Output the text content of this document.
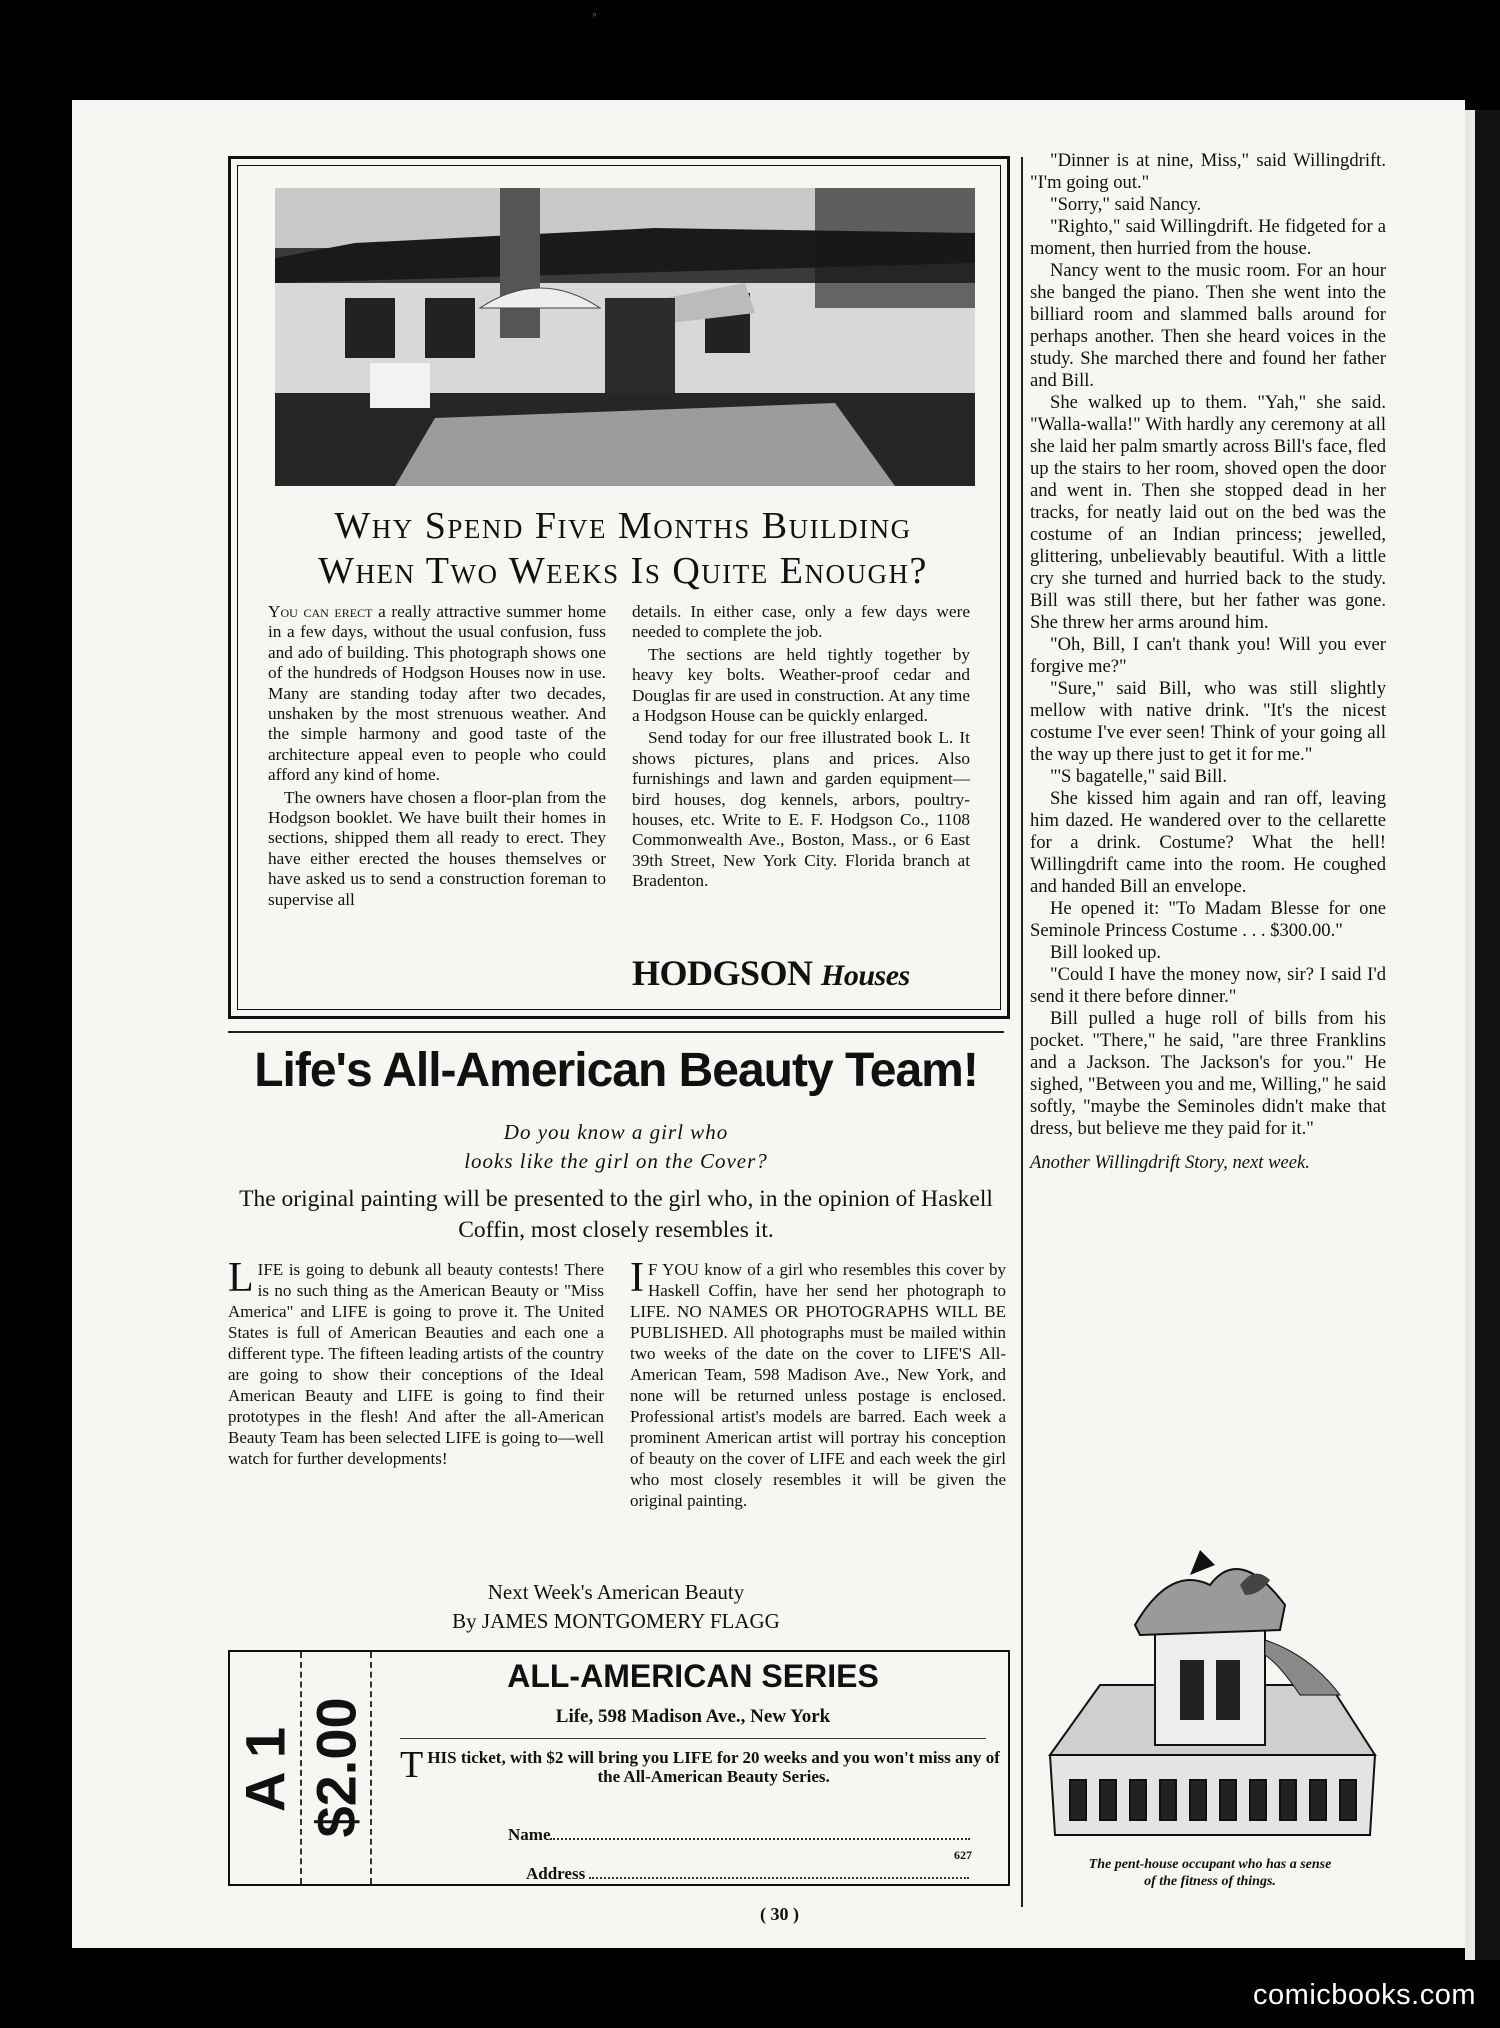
◦
Why Spend Five Months Building
When Two Weeks Is Quite Enough?

You can erect a really attractive summer home in a few days, without the usual confusion, fuss and ado of building. This photograph shows one of the hundreds of Hodgson Houses now in use. Many are standing today after two decades, unshaken by the most strenuous weather. And the simple harmony and good taste of the architecture appeal even to people who could afford any kind of home.

The owners have chosen a floor-plan from the Hodgson booklet. We have built their homes in sections, shipped them all ready to erect. They have either erected the houses themselves or have asked us to send a construction foreman to supervise all

details. In either case, only a few days were needed to complete the job.

The sections are held tightly together by heavy key bolts. Weather-proof cedar and Douglas fir are used in construction. At any time a Hodgson House can be quickly enlarged.

Send today for our free illustrated book L. It shows pictures, plans and prices. Also furnishings and lawn and garden equipment—bird houses, dog kennels, arbors, poultry-houses, etc. Write to E. F. Hodgson Co., 1108 Commonwealth Ave., Boston, Mass., or 6 East 39th Street, New York City. Florida branch at Bradenton.

HODGSON Houses
Life's All-American Beauty Team!
Do you know a girl who
looks like the girl on the Cover?
The original painting will be presented to the girl who, in the opinion of Haskell Coffin, most closely resembles it.

LIFE is going to debunk all beauty contests! There is no such thing as the American Beauty or "Miss America" and LIFE is going to prove it. The United States is full of American Beauties and each one a different type. The fifteen leading artists of the country are going to show their conceptions of the Ideal American Beauty and LIFE is going to find their prototypes in the flesh! And after the all-American Beauty Team has been selected LIFE is going to—well watch for further developments!

I F YOU know of a girl who resembles this cover by Haskell Coffin, have her send her photograph to LIFE. NO NAMES OR PHOTOGRAPHS WILL BE PUBLISHED. All photographs must be mailed within two weeks of the date on the cover to LIFE'S All-American Team, 598 Madison Ave., New York, and none will be returned unless postage is enclosed. Professional artist's models are barred. Each week a prominent American artist will portray his conception of beauty on the cover of LIFE and each week the girl who most closely resembles it will be given the original painting.

Next Week's American Beauty
By JAMES MONTGOMERY FLAGG
A 1 $2.00
ALL-AMERICAN SERIES
Life, 598 Madison Ave., New York
THIS ticket, with $2 will bring you LIFE for 20 weeks and you won't miss any of the All-American Beauty Series.
Name
627
Address
( 30 )

"Dinner is at nine, Miss," said Willingdrift. "I'm going out."

"Sorry," said Nancy.

"Righto," said Willingdrift. He fidgeted for a moment, then hurried from the house.

Nancy went to the music room. For an hour she banged the piano. Then she went into the billiard room and slammed balls around for perhaps another. Then she heard voices in the study. She marched there and found her father and Bill.

She walked up to them. "Yah," she said. "Walla-walla!" With hardly any ceremony at all she laid her palm smartly across Bill's face, fled up the stairs to her room, shoved open the door and went in. Then she stopped dead in her tracks, for neatly laid out on the bed was the costume of an Indian princess; jewelled, glittering, unbelievably beautiful. With a little cry she turned and hurried back to the study. Bill was still there, but her father was gone. She threw her arms around him.

"Oh, Bill, I can't thank you! Will you ever forgive me?"

"Sure," said Bill, who was still slightly mellow with native drink. "It's the nicest costume I've ever seen! Think of your going all the way up there just to get it for me."

"'S bagatelle," said Bill.

She kissed him again and ran off, leaving him dazed. He wandered over to the cellarette for a drink. Costume? What the hell! Willingdrift came into the room. He coughed and handed Bill an envelope.

He opened it: "To Madam Blesse for one Seminole Princess Costume . . . $300.00."

Bill looked up.

"Could I have the money now, sir? I said I'd send it there before dinner."

Bill pulled a huge roll of bills from his pocket. "There," he said, "are three Franklins and a Jackson. The Jackson's for you." He sighed, "Between you and me, Willing," he said softly, "maybe the Seminoles didn't make that dress, but believe me they paid for it."

Another Willingdrift Story, next week.

The pent-house occupant who has a sense
of the fitness of things.
comicbooks.com
